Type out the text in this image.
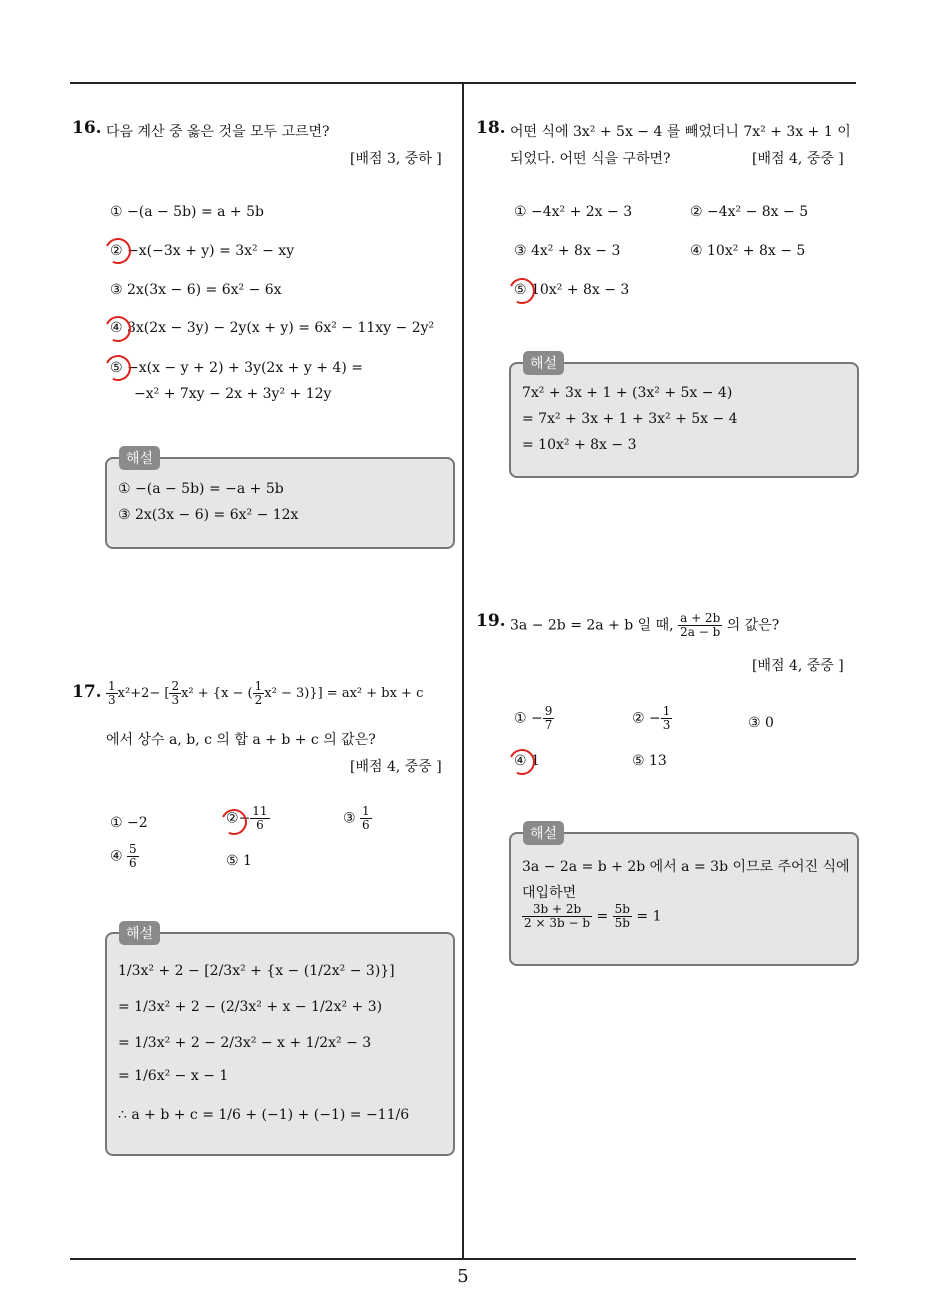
16. 다음 계산 중 옳은 것을 모두 고르면?
[배점 3, 중하 ]
① −(a − 5b) = a + 5b
② −x(−3x + y) = 3x² − xy
③ 2x(3x − 6) = 6x² − 6x
④ 3x(2x − 3y) − 2y(x + y) = 6x² − 11xy − 2y²
⑤ −x(x − y + 2) + 3y(2x + y + 4) =
−x² + 7xy − 2x + 3y² + 12y
해설
① −(a − 5b) = −a + 5b
③ 2x(3x − 6) = 6x² − 12x
17. $\frac{1}{3} x^2+2-$ [ $\frac{2}{3} x^2 + \{x$ − ( $\frac{1}{2} x^2 - 3)\}] = ax^2$ + bx + c
에서 상수 a, b, c 의 합 a + b + c 의 값은?
[배점 4, 중중 ]
① −2	②− $\frac{11}{6}$	③ $\frac{1}{6}$
④ $\frac{5}{6}$	⑤ 1
해설
1/3x² + 2 − [2/3x² + {x − (1/2x² − 3)}]
= 1/3x² + 2 − (2/3x² + x − 1/2x² + 3)
= 1/3x² + 2 − 2/3x² − x + 1/2x² − 3
= 1/6x² − x − 1
∴ a + b + c = 1/6 + (−1) + (−1) = −11/6
18. 어떤 식에 3x² + 5x − 4 를 빼었더니 7x² + 3x + 1 이
되었다. 어떤 식을 구하면?	[배점 4, 중중 ]
① −4x² + 2x − 3	② −4x² − 8x − 5
③ 4x² + 8x − 3	④ 10x² + 8x − 5
⑤ 10x² + 8x − 3
해설
7x² + 3x + 1 + (3x² + 5x − 4)
= 7x² + 3x + 1 + 3x² + 5x − 4
= 10x² + 8x − 3
19. 3a − 2b = 2a + b 일 때, $\frac{a + 2b}{2a - b}$ 의 값은?
[배점 4, 중중 ]
① − $\frac{9}{7}$	② − $\frac{1}{3}$	③ 0
④ 1	⑤ 13
해설
3a − 2a = b + 2b 에서 a = 3b 이므로 주어진 식에
대입하면
$\frac{3b + 2b}{2 \times 3b - b} = \frac{5b}{5b} = 1$
5
